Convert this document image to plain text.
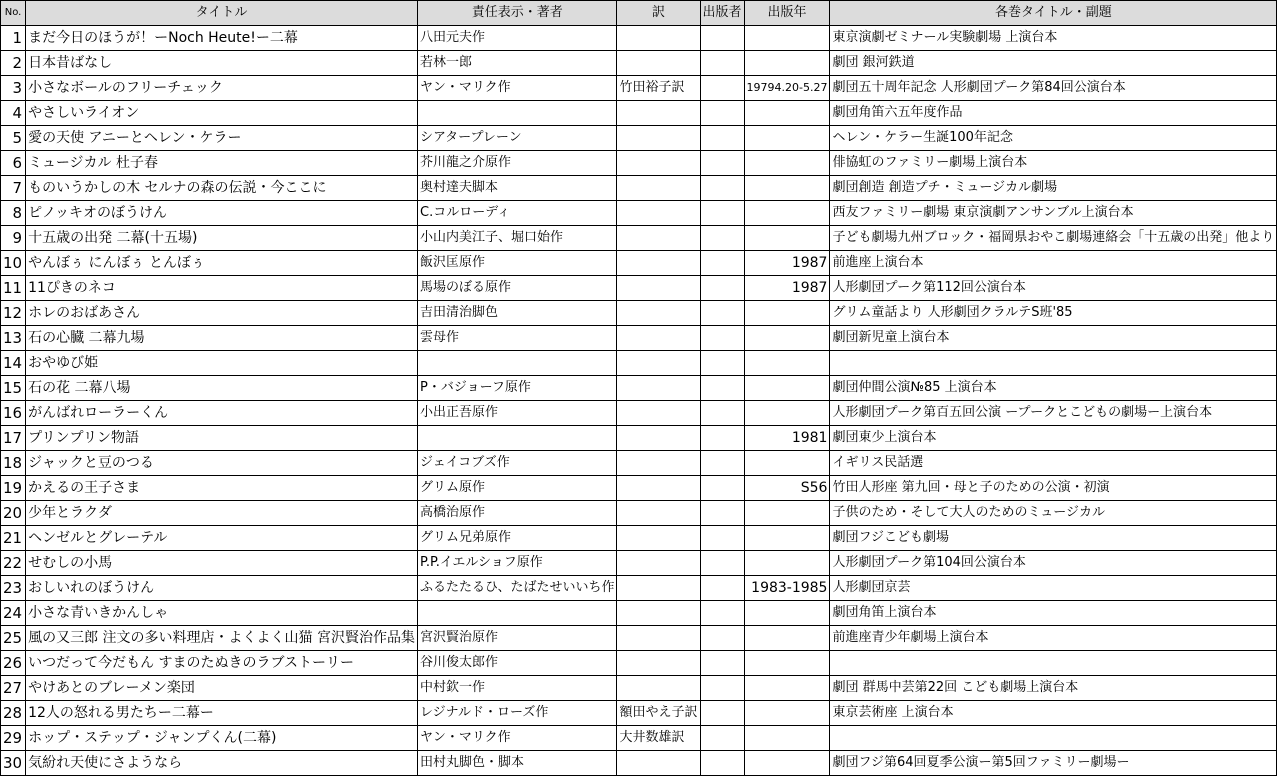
No.	タイトル	責任表示・著者	訳	出版者	出版年	各巻タイトル・副題
1	まだ今日のほうが！ーNoch Heute!ー二幕	八田元夫作				東京演劇ゼミナール実験劇場 上演台本
2	日本昔ばなし	若林一郎				劇団 銀河鉄道
3	小さなボールのフリーチェック	ヤン・マリク作	竹田裕子訳		19794.20-5.27	劇団五十周年記念 人形劇団プーク第84回公演台本
4	やさしいライオン					劇団角笛六五年度作品
5	愛の天使 アニーとヘレン・ケラー	シアタープレーン				ヘレン・ケラー生誕100年記念
6	ミュージカル 杜子春	芥川龍之介原作				俳協虹のファミリー劇場上演台本
7	ものいうかしの木 セルナの森の伝説・今ここに	奥村達夫脚本				劇団創造 創造プチ・ミュージカル劇場
8	ピノッキオのぼうけん	C.コルローディ				西友ファミリー劇場 東京演劇アンサンブル上演台本
9	十五歳の出発 二幕(十五場)	小山内美江子、堀口始作				子ども劇場九州ブロック・福岡県おやこ劇場連絡会「十五歳の出発」他より
10	やんぼぅ にんぼぅ とんぼぅ	飯沢匡原作			1987	前進座上演台本
11	11ぴきのネコ	馬場のぼる原作			1987	人形劇団プーク第112回公演台本
12	ホレのおばあさん	吉田清治脚色				グリム童話より 人形劇団クラルテS班'85
13	石の心臓 二幕九場	雲母作				劇団新児童上演台本
14	おやゆび姫					
15	石の花 二幕八場	P・バジョーフ原作				劇団仲間公演№85 上演台本
16	がんばれローラーくん	小出正吾原作				人形劇団プーク第百五回公演 ープークとこどもの劇場ー上演台本
17	プリンプリン物語				1981	劇団東少上演台本
18	ジャックと豆のつる	ジェイコブズ作				イギリス民話選
19	かえるの王子さま	グリム原作			S56	竹田人形座 第九回・母と子のための公演・初演
20	少年とラクダ	高橋治原作				子供のため・そして大人のためのミュージカル
21	ヘンゼルとグレーテル	グリム兄弟原作				劇団フジこども劇場
22	せむしの小馬	P.P.イエルショフ原作				人形劇団プーク第104回公演台本
23	おしいれのぼうけん	ふるたたるひ、たばたせいいち作			1983-1985	人形劇団京芸
24	小さな青いきかんしゃ					劇団角笛上演台本
25	風の又三郎 注文の多い料理店・よくよく山猫 宮沢賢治作品集	宮沢賢治原作				前進座青少年劇場上演台本
26	いつだって今だもん すまのたぬきのラブストーリー	谷川俊太郎作				
27	やけあとのブレーメン楽団	中村欽一作				劇団 群馬中芸第22回 こども劇場上演台本
28	12人の怒れる男たちー二幕ー	レジナルド・ローズ作	額田やえ子訳			東京芸術座 上演台本
29	ホップ・ステップ・ジャンプくん(二幕)	ヤン・マリク作	大井数雄訳			
30	気紛れ天使にさようなら	田村丸脚色・脚本				劇団フジ第64回夏季公演ー第5回ファミリー劇場ー
